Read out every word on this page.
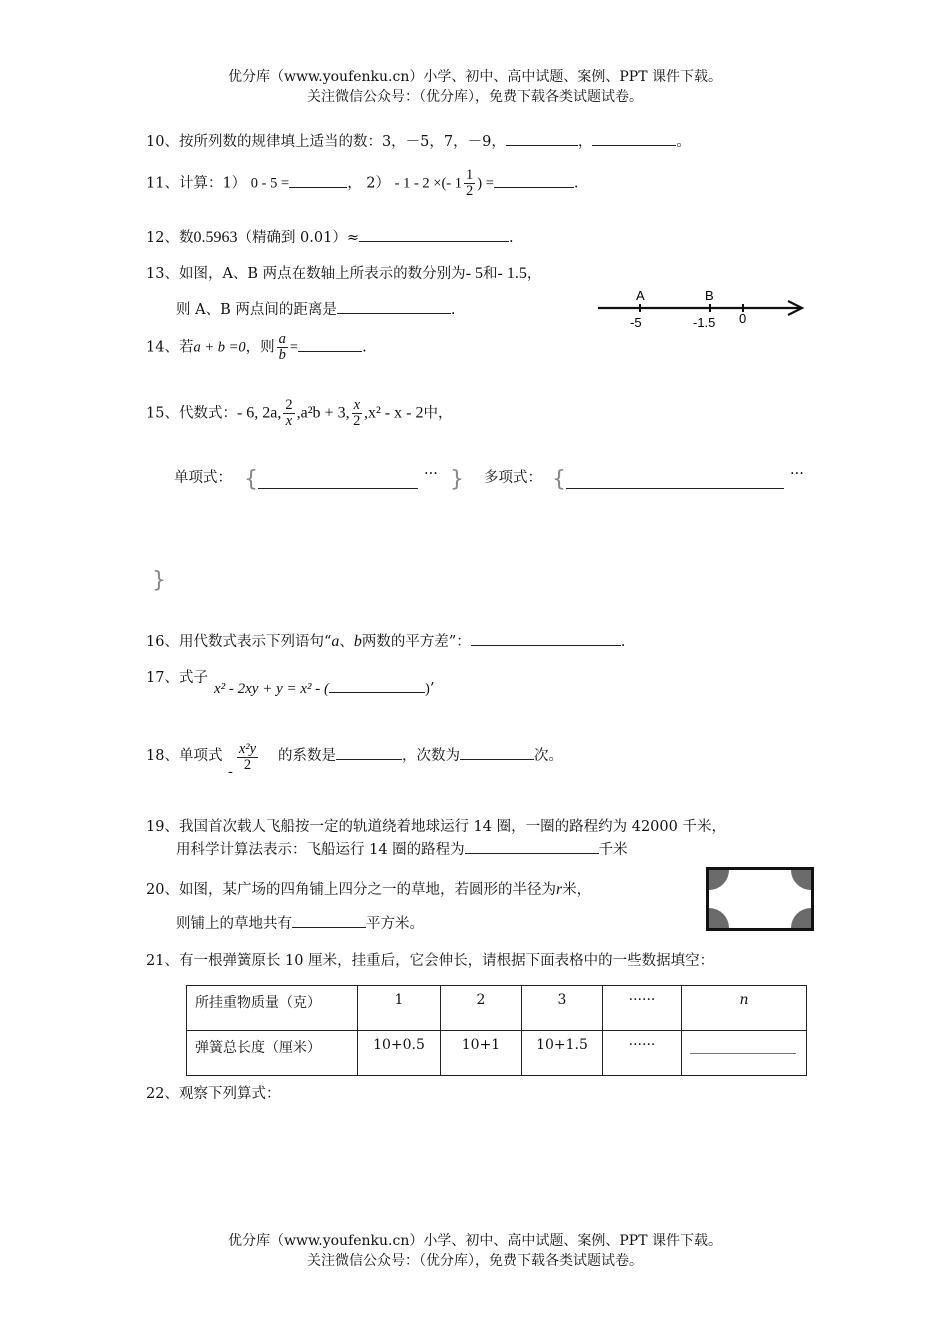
优分库（www.youfenku.cn）小学、初中、高中试题、案例、PPT 课件下载。
关注微信公众号：（优分库），免费下载各类试题试卷。
10、按所列数的规律填上适当的数：3，－5，7，－9，	，	。
11、计算：1） 0 - 5 =	， 2） - 1 - 2 ×(- $1 \frac{1}{2}$ ) =	.
12、数0.5963（精确到 0.01）≈	.
13、如图，A、B 两点在数轴上所表示的数分别为- 5和- 1.5，
则 A、B 两点间的距离是	.
A	B
-5	-1.5 0
14、若a + b =0，则 $\frac{a}{b}$ =	.
15、代数式：- 6, 2a, $\frac{2}{x} ,a^2b + 3$, $\frac{x}{2} ,x^2$ - x - 2中，
单项式： {	··· } 多项式： {	···
}
16、用代数式表示下列语句“a、b两数的平方差”：	.
17、式子
x² - 2xy + y = x² - (	)’
18、单项式
- $\frac{\text{x²y}}{2}$ 的系数是	，次数为	次。
19、我国首次载人飞船按一定的轨道绕着地球运行 14 圈，一圈的路程约为 42000 千米，
用科学计算法表示：飞船运行 14 圈的路程为	千米
20、如图，某广场的四角铺上四分之一的草地，若圆形的半径为r米，
则铺上的草地共有	平方米。
21、有一根弹簧原长 10 厘米，挂重后，它会伸长，请根据下面表格中的一些数据填空：
所挂重物质量（克）	1	2	3	······	n
弹簧总长度（厘米）	10+0.5	10+1	10+1.5	······	
22、观察下列算式：
优分库（www.youfenku.cn）小学、初中、高中试题、案例、PPT 课件下载。
关注微信公众号：（优分库），免费下载各类试题试卷。
